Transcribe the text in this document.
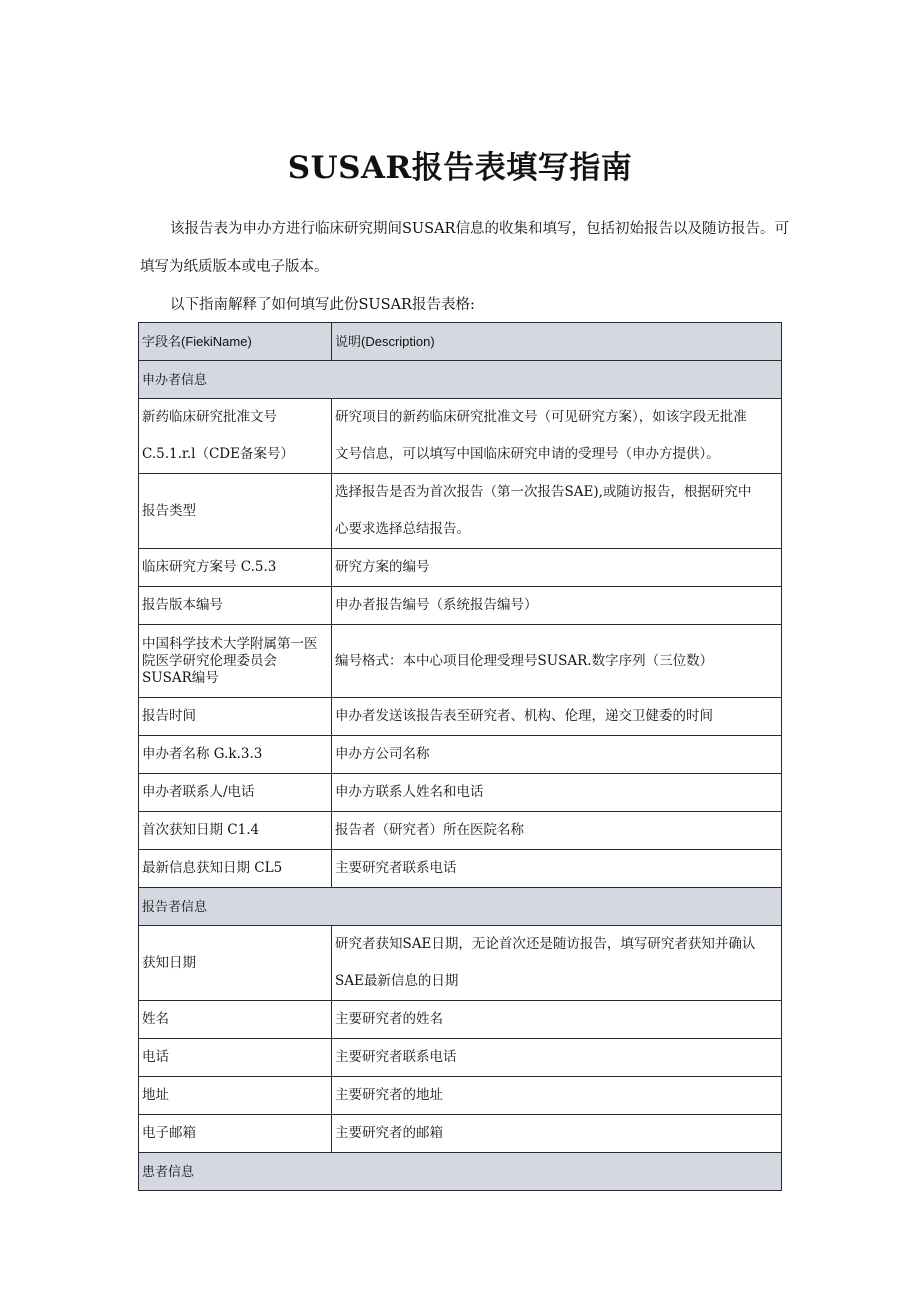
SUSAR报告表填写指南
该报告表为申办方进行临床研究期间SUSAR信息的收集和填写，包括初始报告以及随访报告。可填写为纸质版本或电子版本。
以下指南解释了如何填写此份SUSAR报告表格:
字段名(FiekiName)	说明(Description)
申办者信息	

新药临床研究批准文号
C.5.1.r.l（CDE备案号）	研究项目的新药临床研究批准文号（可见研究方案），如该字段无批准
文号信息，可以填写中国临床研究申请的受理号（申办方提供）。

报告类型	选择报告是否为首次报告（第一次报告SAE),或随访报告，根据研究中
心要求选择总结报告。

临床研究方案号 C.5.3	研究方案的编号

报告版本编号	申办者报告编号（系统报告编号）

中国科学技术大学附属第一医
院医学研究伦理委员会
SUSAR编号	编号格式：本中心项目伦理受理号SUSAR.数字序列（三位数）

报告时间	申办者发送该报告表至研究者、机构、伦理，递交卫健委的时间

申办者名称 G.k.3.3	申办方公司名称

申办者联系人/电话	申办方联系人姓名和电话

首次获知日期 C1.4	报告者（研究者）所在医院名称

最新信息获知日期 CL5	主要研究者联系电话

报告者信息	

获知日期	研究者获知SAE日期，无论首次还是随访报告，填写研究者获知并确认
SAE最新信息的日期

姓名	主要研究者的姓名

电话	主要研究者联系电话

地址	主要研究者的地址

电子邮箱	主要研究者的邮箱

患者信息	
